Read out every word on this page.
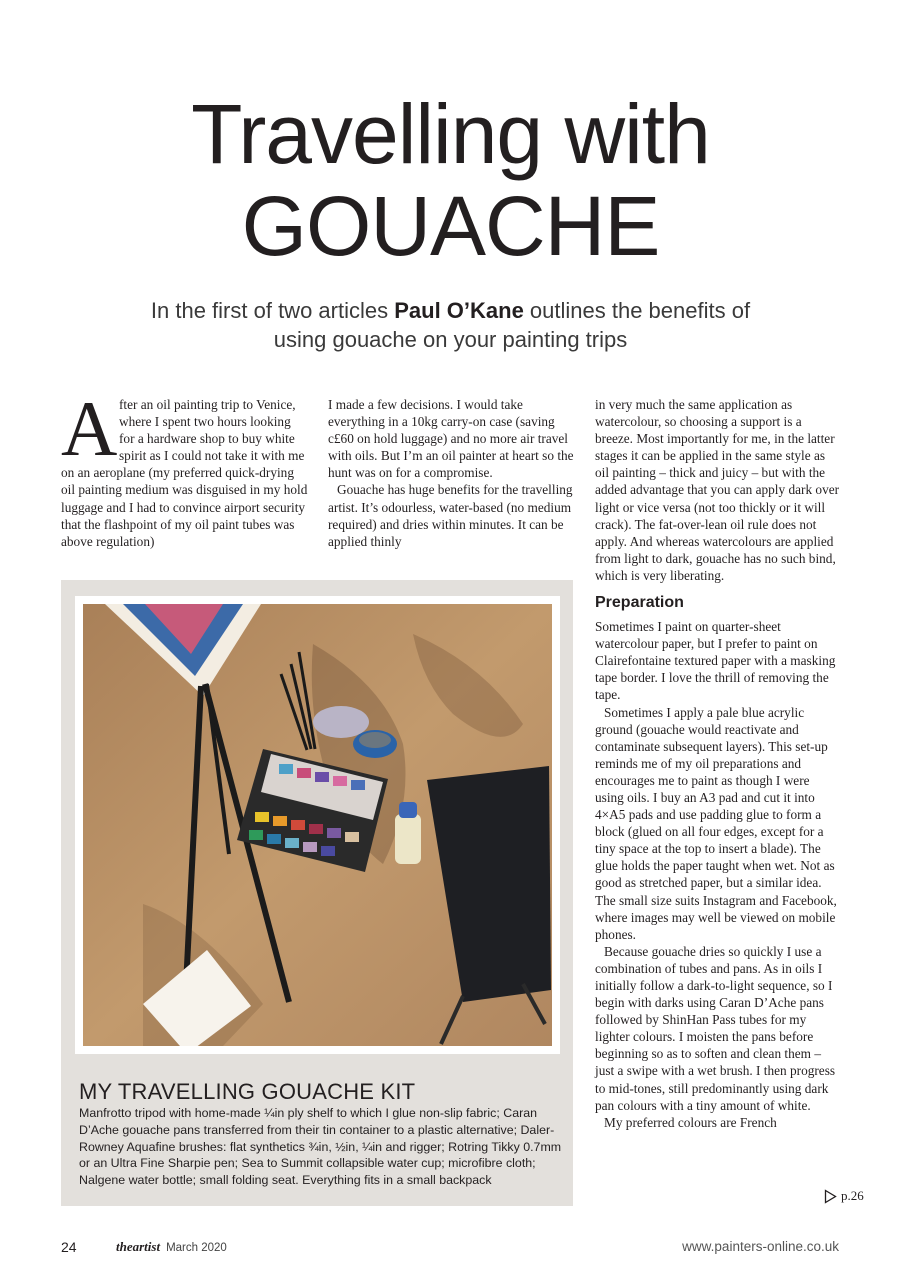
Travelling with
GOUACHE
In the first of two articles Paul O’Kane outlines the benefits of using gouache on your painting trips
A fter an oil painting trip to Venice, where I spent two hours looking for a hardware shop to buy white spirit as I could not take it with me on an aeroplane (my preferred quick-drying oil painting medium was disguised in my hold luggage and I had to convince airport security that the flashpoint of my oil paint tubes was above regulation)

I made a few decisions. I would take everything in a 10kg carry-on case (saving c£60 on hold luggage) and no more air travel with oils. But I’m an oil painter at heart so the hunt was on for a compromise.

Gouache has huge benefits for the travelling artist. It’s odourless, water-based (no medium required) and dries within minutes. It can be applied thinly

in very much the same application as watercolour, so choosing a support is a breeze. Most importantly for me, in the latter stages it can be applied in the same style as oil painting – thick and juicy – but with the added advantage that you can apply dark over light or vice versa (not too thickly or it will crack). The fat-over-lean oil rule does not apply. And whereas watercolours are applied from light to dark, gouache has no such bind, which is very liberating.

Preparation

Sometimes I paint on quarter-sheet watercolour paper, but I prefer to paint on Clairefontaine textured paper with a masking tape border. I love the thrill of removing the tape.

Sometimes I apply a pale blue acrylic ground (gouache would reactivate and contaminate subsequent layers). This set-up reminds me of my oil preparations and encourages me to paint as though I were using oils. I buy an A3 pad and cut it into 4×A5 pads and use padding glue to form a block (glued on all four edges, except for a tiny space at the top to insert a blade). The glue holds the paper taught when wet. Not as good as stretched paper, but a similar idea. The small size suits Instagram and Facebook, where images may well be viewed on mobile phones.

Because gouache dries so quickly I use a combination of tubes and pans. As in oils I initially follow a dark-to-light sequence, so I begin with darks using Caran D’Ache pans followed by ShinHan Pass tubes for my lighter colours. I moisten the pans before beginning so as to soften and clean them – just a swipe with a wet brush. I then progress to mid-tones, still predominantly using dark pan colours with a tiny amount of white.

My preferred colours are French

p.26
MY TRAVELLING GOUACHE KIT
Manfrotto tripod with home-made ¼in ply shelf to which I glue non-slip fabric; Caran D’Ache gouache pans transferred from their tin container to a plastic alternative; Daler-Rowney Aquafine brushes: flat synthetics ¾in, ½in, ¼in and rigger; Rotring Tikky 0.7mm or an Ultra Fine Sharpie pen; Sea to Summit collapsible water cup; microfibre cloth; Nalgene water bottle; small folding seat. Everything fits in a small backpack
24	theartist March 2020	www.painters-online.co.uk
